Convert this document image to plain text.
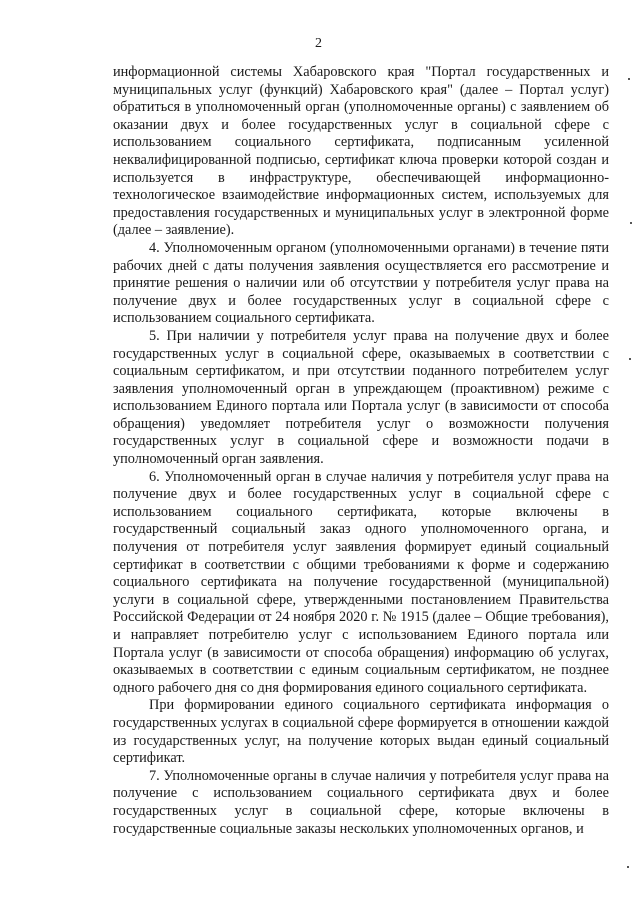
2

информационной системы Хабаровского края "Портал государственных и муниципальных услуг (функций) Хабаровского края" (далее – Портал услуг) обратиться в уполномоченный орган (уполномоченные органы) с заявлением об оказании двух и более государственных услуг в социальной сфере с использованием социального сертификата, подписанным усиленной неквалифицированной подписью, сертификат ключа проверки которой создан и используется в инфраструктуре, обеспечивающей информационно-технологическое взаимодействие информационных систем, используемых для предоставления государственных и муниципальных услуг в электронной форме (далее – заявление).

4. Уполномоченным органом (уполномоченными органами) в течение пяти рабочих дней с даты получения заявления осуществляется его рассмотрение и принятие решения о наличии или об отсутствии у потребителя услуг права на получение двух и более государственных услуг в социальной сфере с использованием социального сертификата.

5. При наличии у потребителя услуг права на получение двух и более государственных услуг в социальной сфере, оказываемых в соответствии с социальным сертификатом, и при отсутствии поданного потребителем услуг заявления уполномоченный орган в упреждающем (проактивном) режиме с использованием Единого портала или Портала услуг (в зависимости от способа обращения) уведомляет потребителя услуг о возможности получения государственных услуг в социальной сфере и возможности подачи в уполномоченный орган заявления.

6. Уполномоченный орган в случае наличия у потребителя услуг права на получение двух и более государственных услуг в социальной сфере с использованием социального сертификата, которые включены в государственный социальный заказ одного уполномоченного органа, и получения от потребителя услуг заявления формирует единый социальный сертификат в соответствии с общими требованиями к форме и содержанию социального сертификата на получение государственной (муниципальной) услуги в социальной сфере, утвержденными постановлением Правительства Российской Федерации от 24 ноября 2020 г. № 1915 (далее – Общие требования), и направляет потребителю услуг с использованием Единого портала или Портала услуг (в зависимости от способа обращения) информацию об услугах, оказываемых в соответствии с единым социальным сертификатом, не позднее одного рабочего дня со дня формирования единого социального сертификата.

При формировании единого социального сертификата информация о государственных услугах в социальной сфере формируется в отношении каждой из государственных услуг, на получение которых выдан единый социальный сертификат.

7. Уполномоченные органы в случае наличия у потребителя услуг права на получение с использованием социального сертификата двух и более государственных услуг в социальной сфере, которые включены в государственные социальные заказы нескольких уполномоченных органов, и
